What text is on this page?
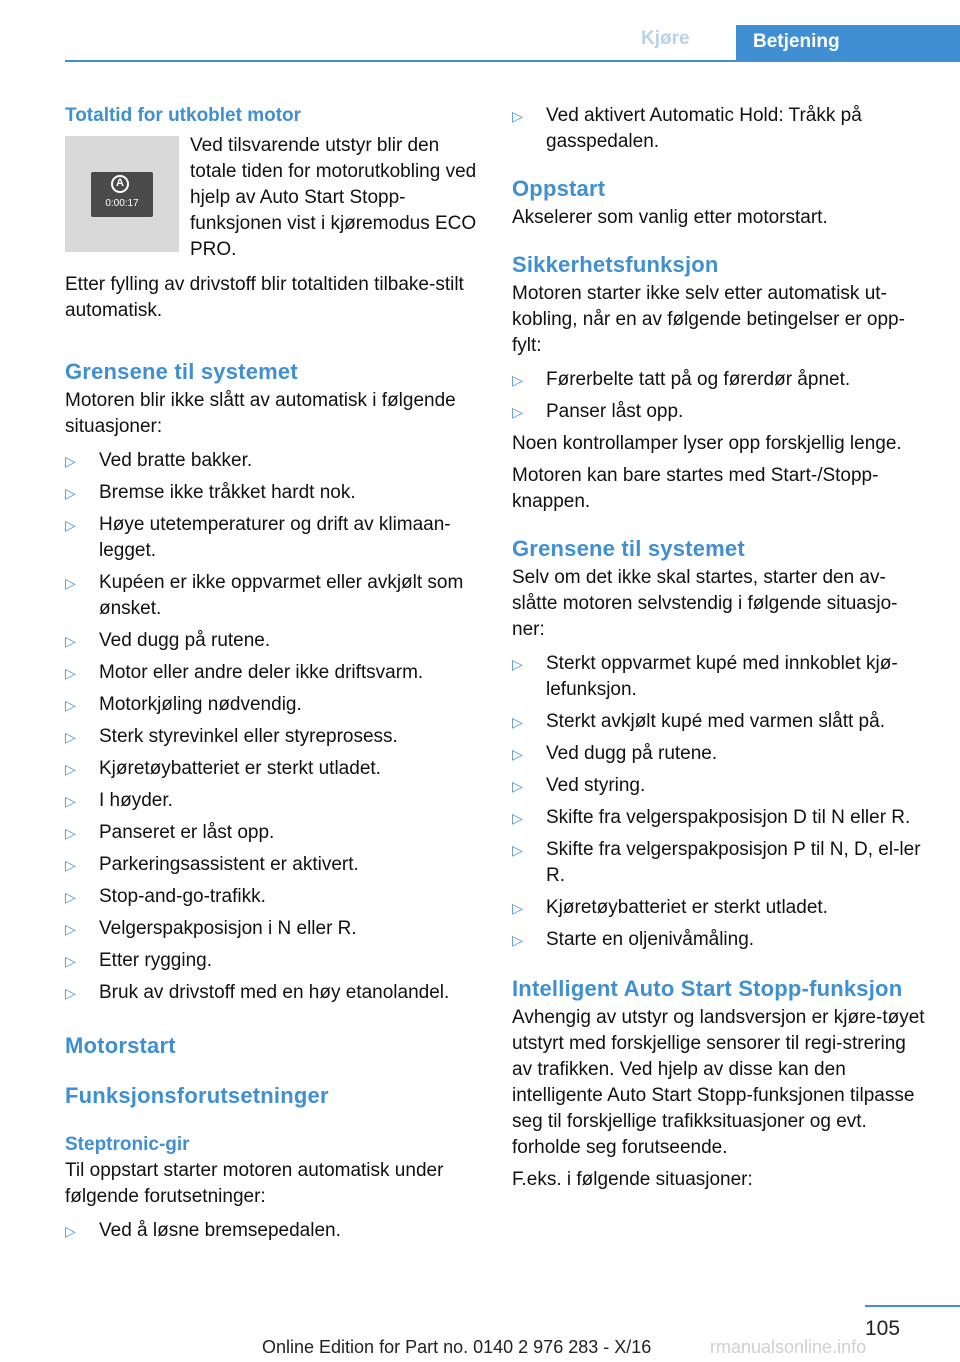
Kjøre	Betjening

Totaltid for utkoblet motor

A
0:00:17

Ved tilsvarende utstyr blir den totale tiden for motorutkobling ved hjelp av Auto Start Stopp-funksjonen vist i kjøremodus ECO PRO.

Etter fylling av drivstoff blir totaltiden tilbake-stilt automatisk.

Grensene til systemet

Motoren blir ikke slått av automatisk i følgende situasjoner:

▷ Ved bratte bakker.
▷ Bremse ikke tråkket hardt nok.
▷ Høye utetemperaturer og drift av klimaan-legget.
▷ Kupéen er ikke oppvarmet eller avkjølt som ønsket.
▷ Ved dugg på rutene.
▷ Motor eller andre deler ikke driftsvarm.
▷ Motorkjøling nødvendig.
▷ Sterk styrevinkel eller styreprosess.
▷ Kjøretøybatteriet er sterkt utladet.
▷ I høyder.
▷ Panseret er låst opp.
▷ Parkeringsassistent er aktivert.
▷ Stop-and-go-trafikk.
▷ Velgerspakposisjon i N eller R.
▷ Etter rygging.
▷ Bruk av drivstoff med en høy etanolandel.

Motorstart

Funksjonsforutsetninger

Steptronic-gir

Til oppstart starter motoren automatisk under følgende forutsetninger:

▷ Ved å løsne bremsepedalen.
▷ Ved aktivert Automatic Hold: Tråkk på gasspedalen.

Oppstart

Akselerer som vanlig etter motorstart.

Sikkerhetsfunksjon

Motoren starter ikke selv etter automatisk ut-kobling, når en av følgende betingelser er opp-fylt:

▷ Førerbelte tatt på og førerdør åpnet.
▷ Panser låst opp.

Noen kontrollamper lyser opp forskjellig lenge.

Motoren kan bare startes med Start-/Stopp-knappen.

Grensene til systemet

Selv om det ikke skal startes, starter den av-slåtte motoren selvstendig i følgende situasjo-ner:

▷ Sterkt oppvarmet kupé med innkoblet kjø-lefunksjon.
▷ Sterkt avkjølt kupé med varmen slått på.
▷ Ved dugg på rutene.
▷ Ved styring.
▷ Skifte fra velgerspakposisjon D til N eller R.
▷ Skifte fra velgerspakposisjon P til N, D, el-ler R.
▷ Kjøretøybatteriet er sterkt utladet.
▷ Starte en oljenivåmåling.

Intelligent Auto Start Stopp-funksjon

Avhengig av utstyr og landsversjon er kjøre-tøyet utstyrt med forskjellige sensorer til regi-strering av trafikken. Ved hjelp av disse kan den intelligente Auto Start Stopp-funksjonen tilpasse seg til forskjellige trafikksituasjoner og evt. forholde seg forutseende.

F.eks. i følgende situasjoner:

105
Online Edition for Part no. 0140 2 976 283 - X/16	rmanualsonline.info
